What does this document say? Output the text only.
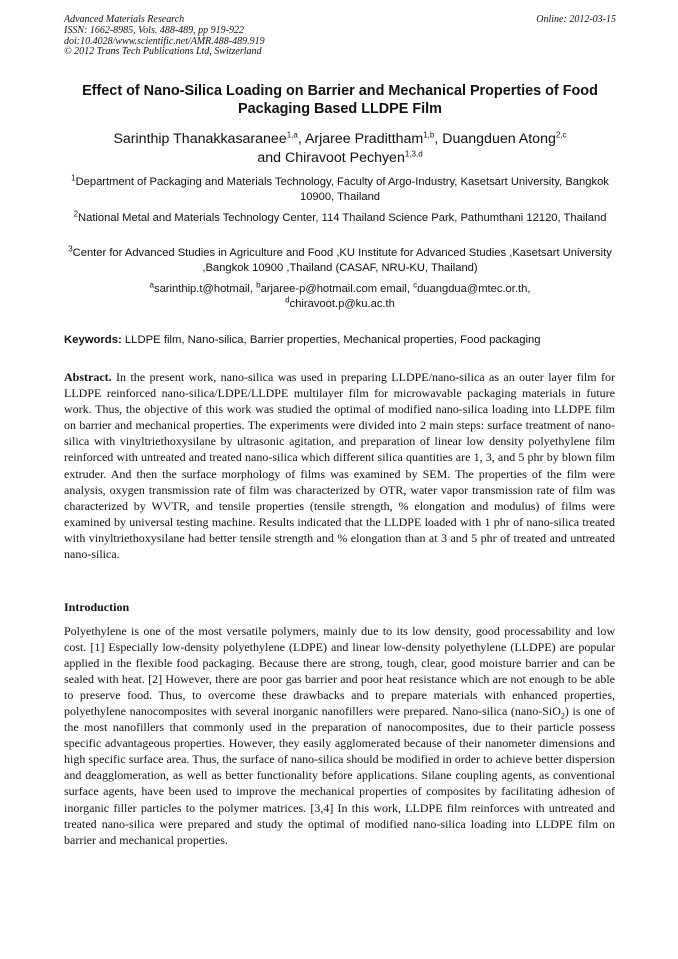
Advanced Materials Research
ISSN: 1662-8985, Vols. 488-489, pp 919-922
doi:10.4028/www.scientific.net/AMR.488-489.919
© 2012 Trans Tech Publications Ltd, Switzerland
Online: 2012-03-15
Effect of Nano-Silica Loading on Barrier and Mechanical Properties of Food Packaging Based LLDPE Film
Sarinthip Thanakkasaranee$^{1,a}$, Arjaree Pradittham$^{1,b}$, Duangduen Atong$^{2,c}$
and Chiravoot Pechyen$^{1,3,d}$
$^1$Department of Packaging and Materials Technology, Faculty of Argo-Industry, Kasetsart University, Bangkok 10900, Thailand
$^2$National Metal and Materials Technology Center, 114 Thailand Science Park, Pathumthani 12120, Thailand
$^3$Center for Advanced Studies in Agriculture and Food ,KU Institute for Advanced Studies ,Kasetsart University ,Bangkok 10900 ,Thailand (CASAF, NRU-KU, Thailand)
$^a$sarinthip.t@hotmail, $^b$arjaree-p@hotmail.com email, $^c$duangdua@mtec.or.th,
$^d$chiravoot.p@ku.ac.th
Keywords: LLDPE film, Nano-silica, Barrier properties, Mechanical properties, Food packaging
Abstract. In the present work, nano-silica was used in preparing LLDPE/nano-silica as an outer layer film for LLDPE reinforced nano-silica/LDPE/LLDPE multilayer film for microwavable packaging materials in future work. Thus, the objective of this work was studied the optimal of modified nano-silica loading into LLDPE film on barrier and mechanical properties. The experiments were divided into 2 main steps: surface treatment of nano-silica with vinyltriethoxysilane by ultrasonic agitation, and preparation of linear low density polyethylene film reinforced with untreated and treated nano-silica which different silica quantities are 1, 3, and 5 phr by blown film extruder. And then the surface morphology of films was examined by SEM. The properties of the film were analysis, oxygen transmission rate of film was characterized by OTR, water vapor transmission rate of film was characterized by WVTR, and tensile properties (tensile strength, % elongation and modulus) of films were examined by universal testing machine. Results indicated that the LLDPE loaded with 1 phr of nano-silica treated with vinyltriethoxysilane had better tensile strength and % elongation than at 3 and 5 phr of treated and untreated nano-silica.
Introduction
Polyethylene is one of the most versatile polymers, mainly due to its low density, good processability and low cost. [1] Especially low-density polyethylene (LDPE) and linear low-density polyethylene (LLDPE) are popular applied in the flexible food packaging. Because there are strong, tough, clear, good moisture barrier and can be sealed with heat. [2] However, there are poor gas barrier and poor heat resistance which are not enough to be able to preserve food. Thus, to overcome these drawbacks and to prepare materials with enhanced properties, polyethylene nanocomposites with several inorganic nanofillers were prepared. Nano-silica (nano-SiO$_2$) is one of the most nanofillers that commonly used in the preparation of nanocomposites, due to their particle possess specific advantageous properties. However, they easily agglomerated because of their nanometer dimensions and high specific surface area. Thus, the surface of nano-silica should be modified in order to achieve better dispersion and deagglomeration, as well as better functionality before applications. Silane coupling agents, as conventional surface agents, have been used to improve the mechanical properties of composites by facilitating adhesion of inorganic filler particles to the polymer matrices. [3,4] In this work, LLDPE film reinforces with untreated and treated nano-silica were prepared and study the optimal of modified nano-silica loading into LLDPE film on barrier and mechanical properties.
